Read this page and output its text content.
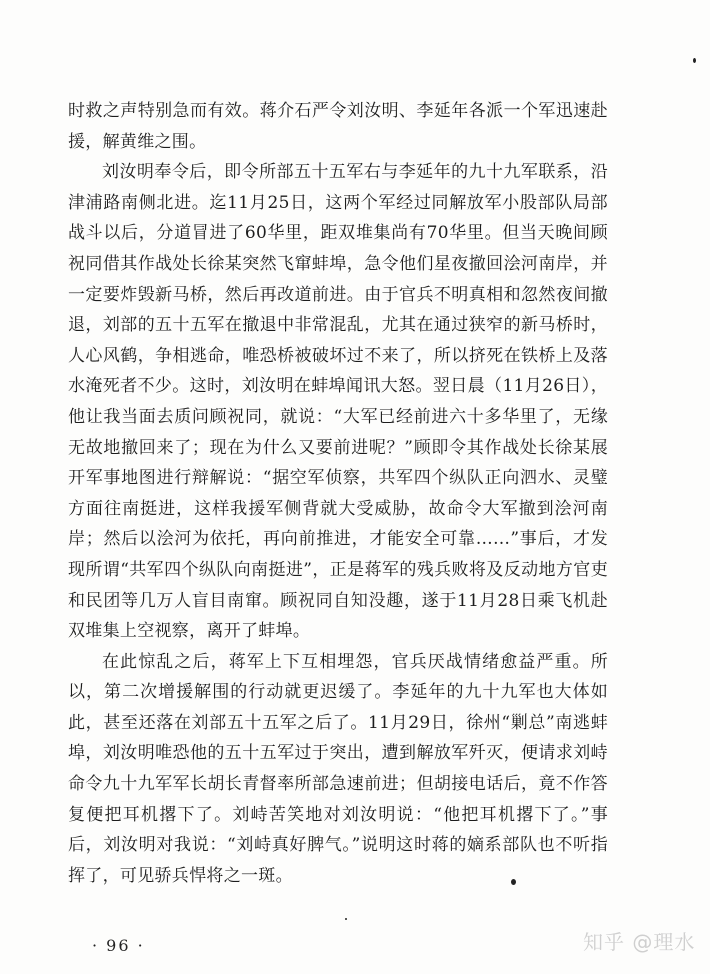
时救之声特别急而有效。蒋介石严令刘汝明、李延年各派一个军迅速赴援，解黄维之围。

刘汝明奉令后，即令所部五十五军右与李延年的九十九军联系，沿津浦路南侧北进。迄11月25日，这两个军经过同解放军小股部队局部战斗以后，分道冒进了60华里，距双堆集尚有70华里。但当天晚间顾祝同借其作战处长徐某突然飞窜蚌埠，急令他们星夜撤回浍河南岸，并一定要炸毁新马桥，然后再改道前进。由于官兵不明真相和忽然夜间撤退，刘部的五十五军在撤退中非常混乱，尤其在通过狭窄的新马桥时，人心风鹤，争相逃命，唯恐桥被破坏过不来了，所以挤死在铁桥上及落水淹死者不少。这时，刘汝明在蚌埠闻讯大怒。翌日晨（11月26日），他让我当面去质问顾祝同，就说：“大军已经前进六十多华里了，无缘无故地撤回来了；现在为什么又要前进呢？”顾即令其作战处长徐某展开军事地图进行辩解说：“据空军侦察，共军四个纵队正向泗水、灵璧方面往南挺进，这样我援军侧背就大受威胁，故命令大军撤到浍河南岸；然后以浍河为依托，再向前推进，才能安全可靠……”事后，才发现所谓“共军四个纵队向南挺进”，正是蒋军的残兵败将及反动地方官吏和民团等几万人盲目南窜。顾祝同自知没趣，遂于11月28日乘飞机赴双堆集上空视察，离开了蚌埠。

在此惊乱之后，蒋军上下互相埋怨，官兵厌战情绪愈益严重。所以，第二次增援解围的行动就更迟缓了。李延年的九十九军也大体如此，甚至还落在刘部五十五军之后了。11月29日，徐州“剿总”南逃蚌埠，刘汝明唯恐他的五十五军过于突出，遭到解放军歼灭，便请求刘峙命令九十九军军长胡长青督率所部急速前进；但胡接电话后，竟不作答复便把耳机撂下了。刘峙苦笑地对刘汝明说：“他把耳机撂下了。”事后，刘汝明对我说：“刘峙真好脾气。”说明这时蒋的嫡系部队也不听指挥了，可见骄兵悍将之一斑。

· 96 ·	知乎 @理水
